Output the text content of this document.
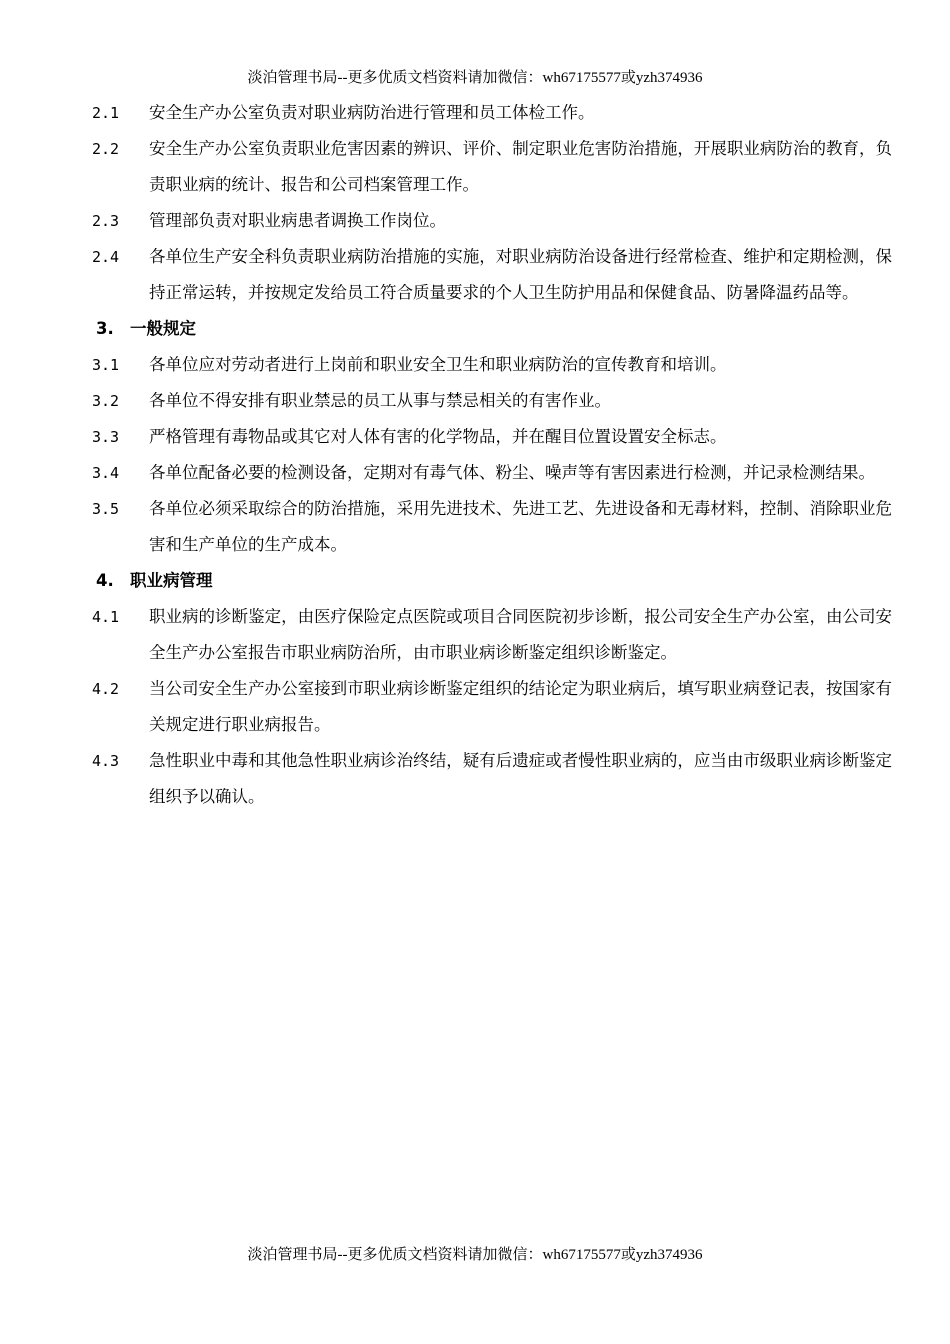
淡泊管理书局--更多优质文档资料请加微信：wh67175577或yzh374936
2.1 安全生产办公室负责对职业病防治进行管理和员工体检工作。
2.2 安全生产办公室负责职业危害因素的辨识、评价、制定职业危害防治措施，开展职业病防治的教育，负责职业病的统计、报告和公司档案管理工作。
2.3 管理部负责对职业病患者调换工作岗位。
2.4 各单位生产安全科负责职业病防治措施的实施，对职业病防治设备进行经常检查、维护和定期检测，保持正常运转，并按规定发给员工符合质量要求的个人卫生防护用品和保健食品、防暑降温药品等。
3. 一般规定
3.1 各单位应对劳动者进行上岗前和职业安全卫生和职业病防治的宣传教育和培训。
3.2 各单位不得安排有职业禁忌的员工从事与禁忌相关的有害作业。
3.3 严格管理有毒物品或其它对人体有害的化学物品，并在醒目位置设置安全标志。
3.4 各单位配备必要的检测设备，定期对有毒气体、粉尘、噪声等有害因素进行检测，并记录检测结果。
3.5 各单位必须采取综合的防治措施，采用先进技术、先进工艺、先进设备和无毒材料，控制、消除职业危害和生产单位的生产成本。
4. 职业病管理
4.1 职业病的诊断鉴定，由医疗保险定点医院或项目合同医院初步诊断，报公司安全生产办公室，由公司安全生产办公室报告市职业病防治所，由市职业病诊断鉴定组织诊断鉴定。
4.2 当公司安全生产办公室接到市职业病诊断鉴定组织的结论定为职业病后，填写职业病登记表，按国家有关规定进行职业病报告。
4.3 急性职业中毒和其他急性职业病诊治终结，疑有后遗症或者慢性职业病的，应当由市级职业病诊断鉴定组织予以确认。
淡泊管理书局--更多优质文档资料请加微信：wh67175577或yzh374936
